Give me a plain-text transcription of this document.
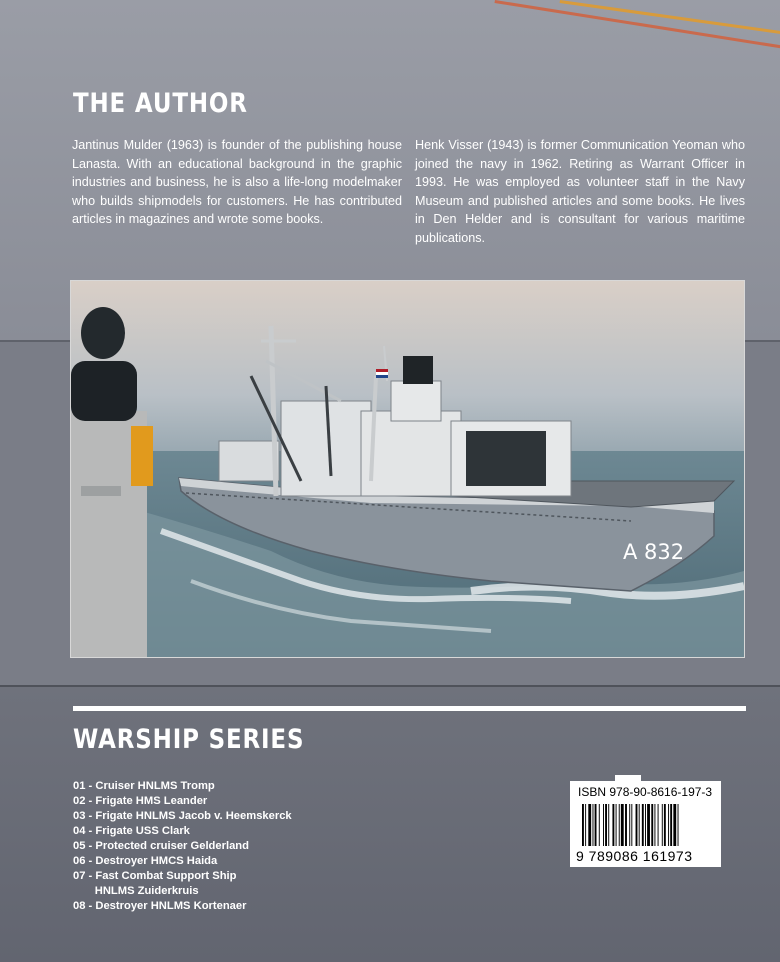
THE AUTHOR

Jantinus Mulder (1963) is founder of the publishing house Lanasta. With an educational background in the graphic industries and business, he is also a life-long modelmaker who builds shipmodels for customers. He has contributed articles in magazines and wrote some books.

Henk Visser (1943) is former Communication Yeoman who joined the navy in 1962. Retiring as Warrant Officer in 1993. He was employed as volunteer staff in the Navy Museum and published articles and some books. He lives in Den Helder and is consultant for various maritime publications.

A 832
WARSHIP SERIES
01 - Cruiser HNLMS Tromp
02 - Frigate HMS Leander
03 - Frigate HNLMS Jacob v. Heemskerck
04 - Frigate USS Clark
05 - Protected cruiser Gelderland
06 - Destroyer HMCS Haida
07 - Fast Combat Support Ship
HNLMS Zuiderkruis
08 - Destroyer HNLMS Kortenaer
ISBN 978-90-8616-197-3
9 789086 161973
